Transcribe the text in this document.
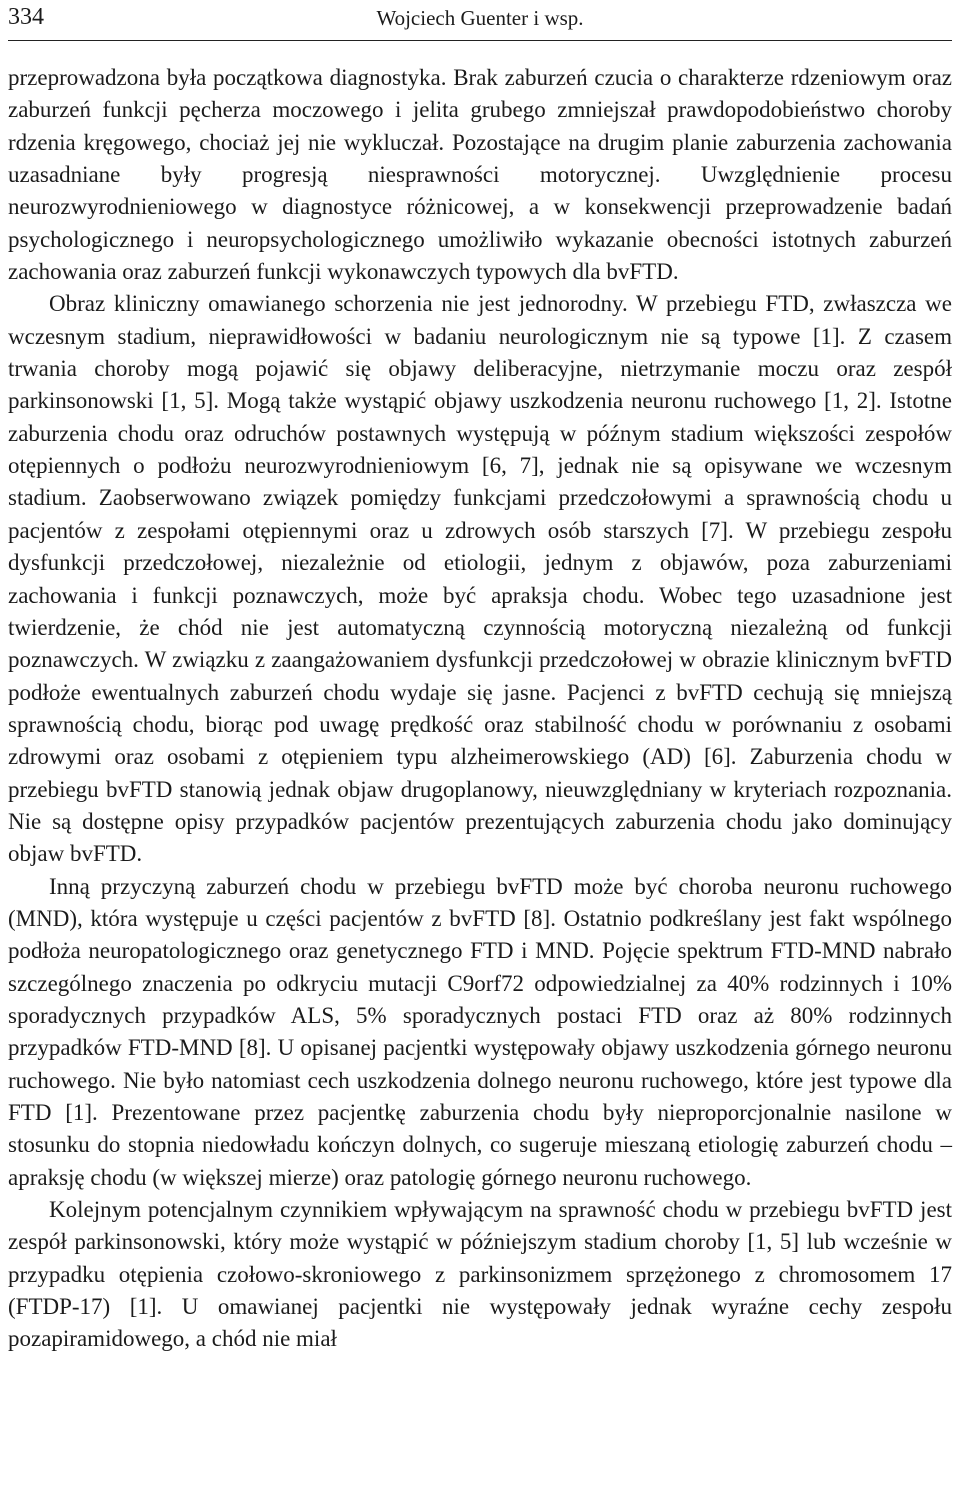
334	Wojciech Guenter i wsp.

przeprowadzona była początkowa diagnostyka. Brak zaburzeń czucia o charakterze rdzeniowym oraz zaburzeń funkcji pęcherza moczowego i jelita grubego zmniejszał prawdopodobieństwo choroby rdzenia kręgowego, chociaż jej nie wykluczał. Pozostające na drugim planie zaburzenia zachowania uzasadniane były progresją niesprawności motorycznej. Uwzględnienie procesu neurozwyrodnieniowego w diagnostyce różnicowej, a w konsekwencji przeprowadzenie badań psychologicznego i neuropsychologicznego umożliwiło wykazanie obecności istotnych zaburzeń zachowania oraz zaburzeń funkcji wykonawczych typowych dla bvFTD.

Obraz kliniczny omawianego schorzenia nie jest jednorodny. W przebiegu FTD, zwłaszcza we wczesnym stadium, nieprawidłowości w badaniu neurologicznym nie są typowe [1]. Z czasem trwania choroby mogą pojawić się objawy deliberacyjne, nietrzymanie moczu oraz zespół parkinsonowski [1, 5]. Mogą także wystąpić objawy uszkodzenia neuronu ruchowego [1, 2]. Istotne zaburzenia chodu oraz odruchów postawnych występują w późnym stadium większości zespołów otępiennych o podłożu neurozwyrodnieniowym [6, 7], jednak nie są opisywane we wczesnym stadium. Zaobserwowano związek pomiędzy funkcjami przedczołowymi a sprawnością chodu u pacjentów z zespołami otępiennymi oraz u zdrowych osób starszych [7]. W przebiegu zespołu dysfunkcji przedczołowej, niezależnie od etiologii, jednym z objawów, poza zaburzeniami zachowania i funkcji poznawczych, może być apraksja chodu. Wobec tego uzasadnione jest twierdzenie, że chód nie jest automatyczną czynnością motoryczną niezależną od funkcji poznawczych. W związku z zaangażowaniem dysfunkcji przedczołowej w obrazie klinicznym bvFTD podłoże ewentualnych zaburzeń chodu wydaje się jasne. Pacjenci z bvFTD cechują się mniejszą sprawnością chodu, biorąc pod uwagę prędkość oraz stabilność chodu w porównaniu z osobami zdrowymi oraz osobami z otępieniem typu alzheimerowskiego (AD) [6]. Zaburzenia chodu w przebiegu bvFTD stanowią jednak objaw drugoplanowy, nieuwzględniany w kryteriach rozpoznania. Nie są dostępne opisy przypadków pacjentów prezentujących zaburzenia chodu jako dominujący objaw bvFTD.

Inną przyczyną zaburzeń chodu w przebiegu bvFTD może być choroba neuronu ruchowego (MND), która występuje u części pacjentów z bvFTD [8]. Ostatnio podkreślany jest fakt wspólnego podłoża neuropatologicznego oraz genetycznego FTD i MND. Pojęcie spektrum FTD-MND nabrało szczególnego znaczenia po odkryciu mutacji C9orf72 odpowiedzialnej za 40% rodzinnych i 10% sporadycznych przypadków ALS, 5% sporadycznych postaci FTD oraz aż 80% rodzinnych przypadków FTD-MND [8]. U opisanej pacjentki występowały objawy uszkodzenia górnego neuronu ruchowego. Nie było natomiast cech uszkodzenia dolnego neuronu ruchowego, które jest typowe dla FTD [1]. Prezentowane przez pacjentkę zaburzenia chodu były nieproporcjonalnie nasilone w stosunku do stopnia niedowładu kończyn dolnych, co sugeruje mieszaną etiologię zaburzeń chodu – apraksję chodu (w większej mierze) oraz patologię górnego neuronu ruchowego.

Kolejnym potencjalnym czynnikiem wpływającym na sprawność chodu w przebiegu bvFTD jest zespół parkinsonowski, który może wystąpić w późniejszym stadium choroby [1, 5] lub wcześnie w przypadku otępienia czołowo-skroniowego z parkinsonizmem sprzężonego z chromosomem 17 (FTDP-17) [1]. U omawianej pacjentki nie występowały jednak wyraźne cechy zespołu pozapiramidowego, a chód nie miał
